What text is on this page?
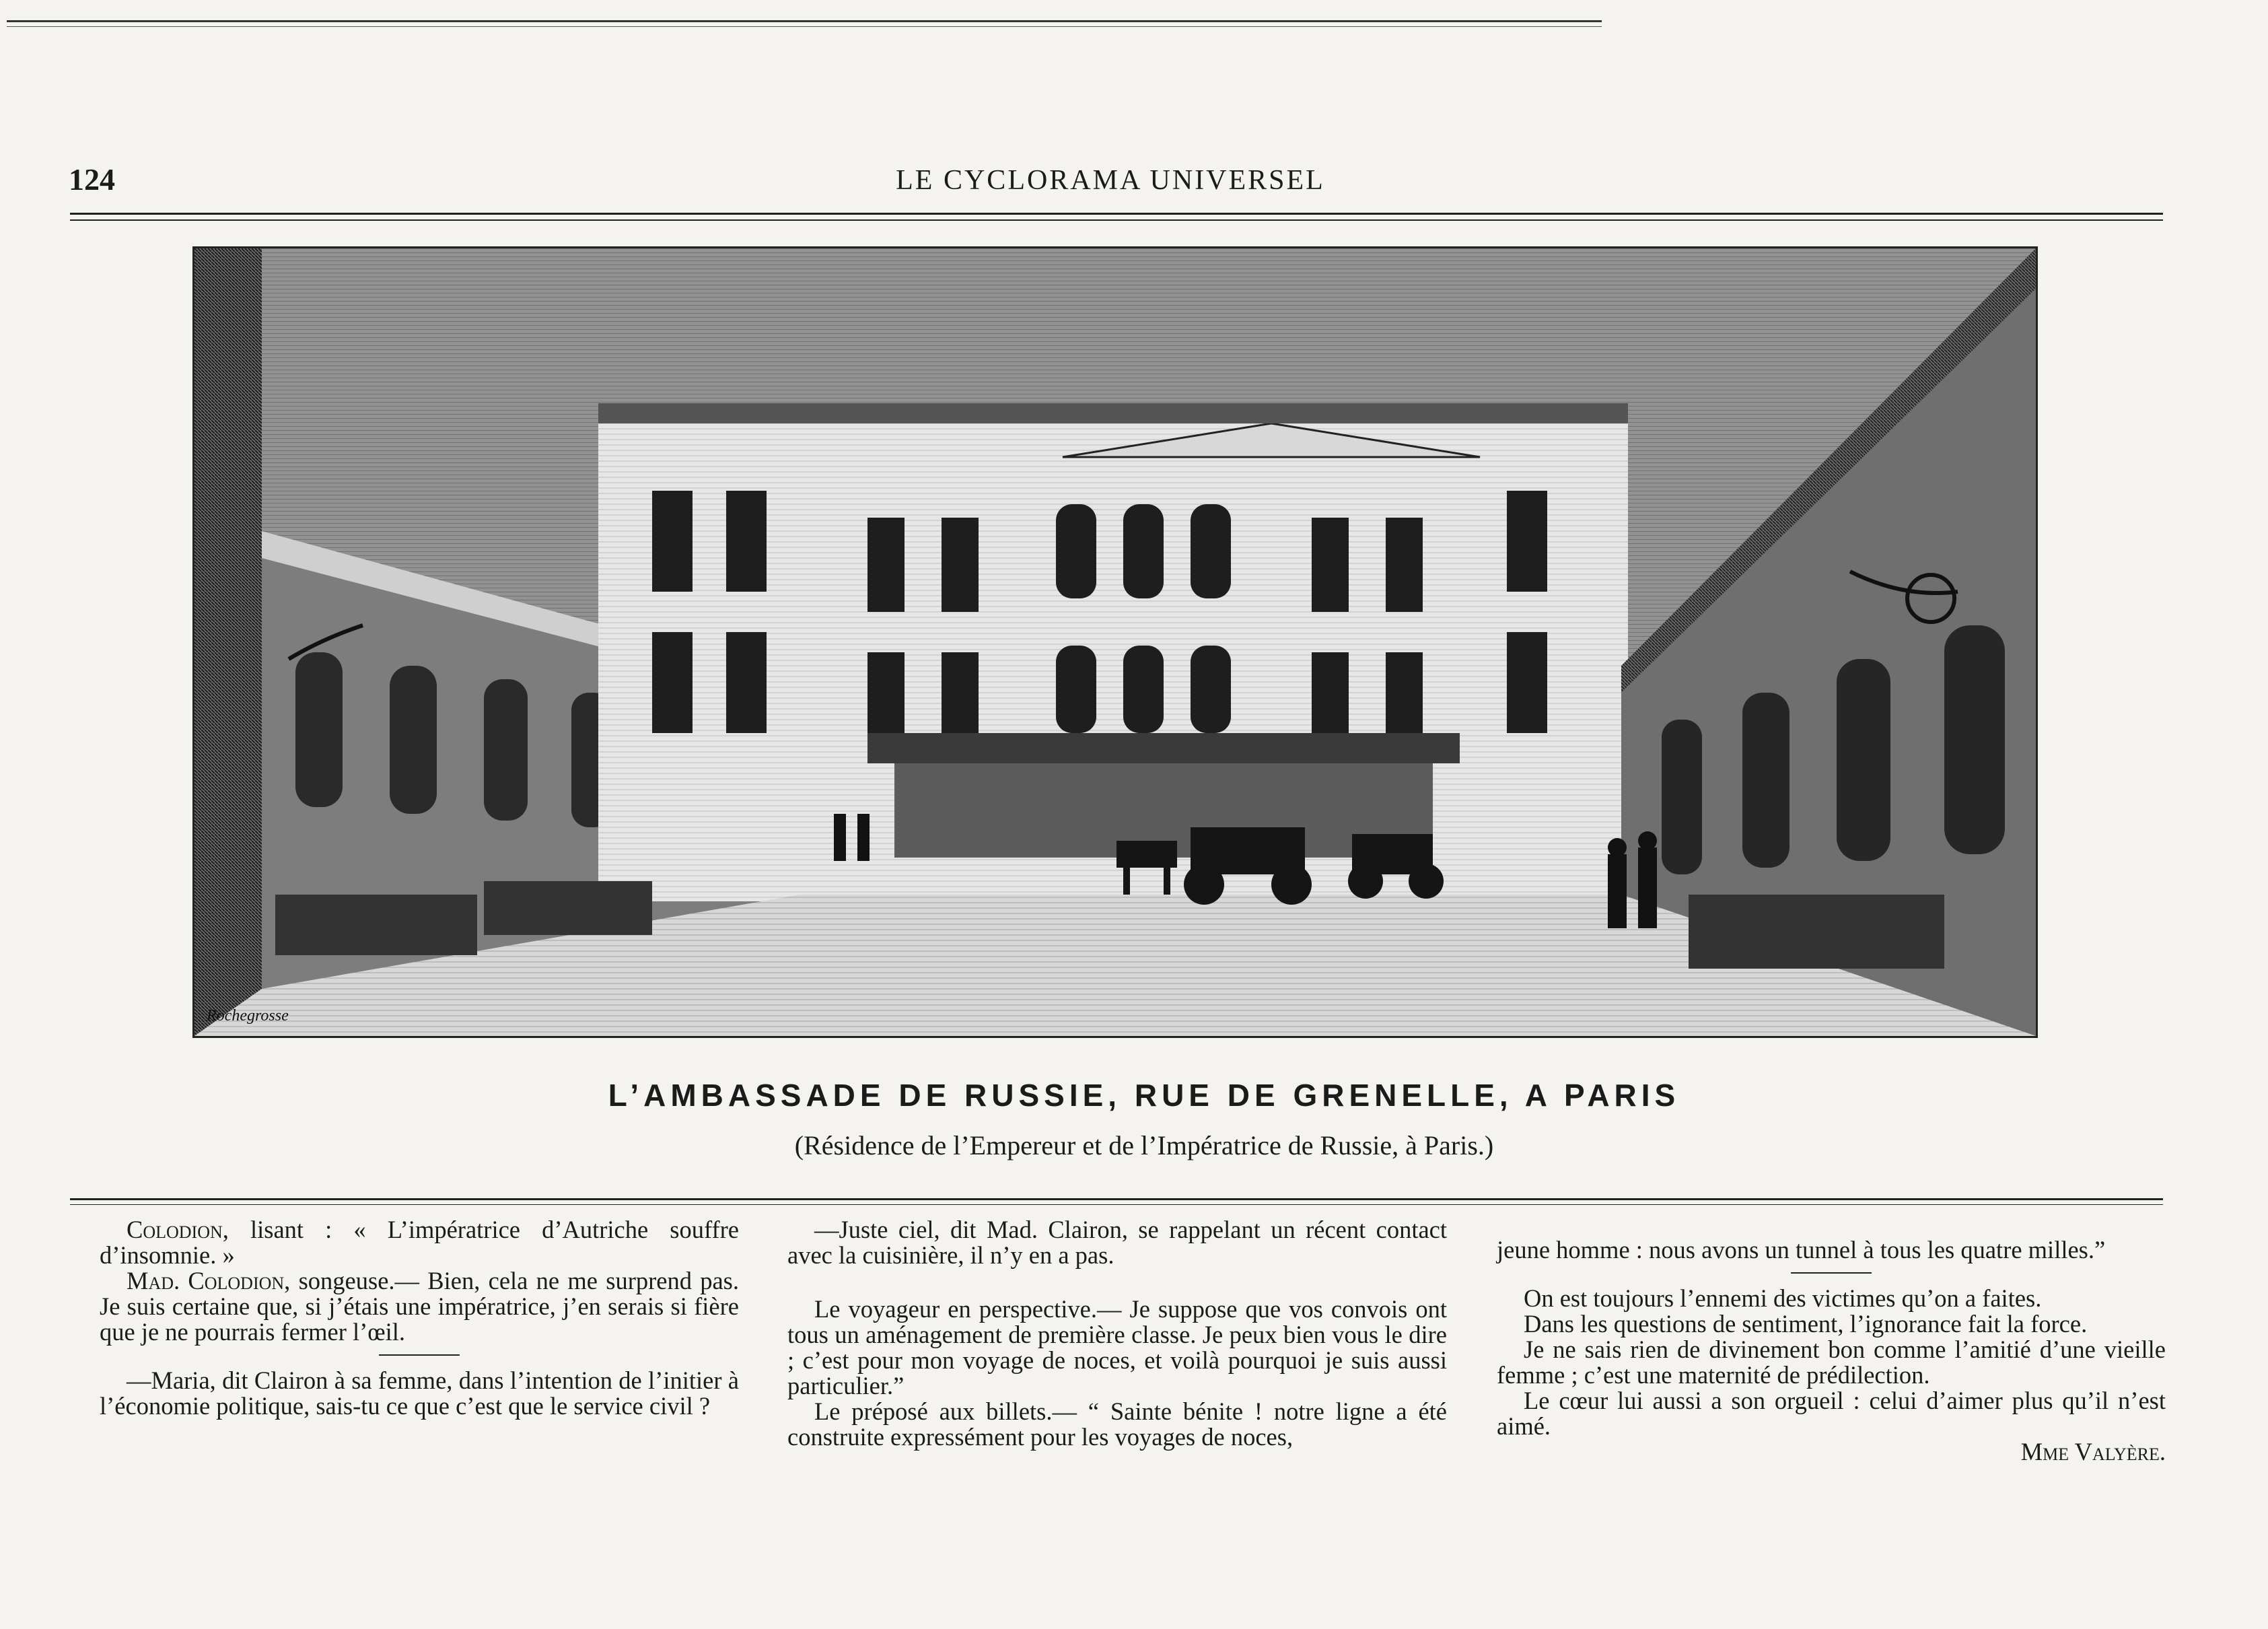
124	LE CYCLORAMA UNIVERSEL
Rochegrosse
L’AMBASSADE DE RUSSIE, RUE DE GRENELLE, A PARIS
(Résidence de l’Empereur et de l’Impératrice de Russie, à Paris.)

Colodion, lisant : « L’impératrice d’Autriche souffre d’insomnie. »

Mad. Colodion, songeuse.— Bien, cela ne me surprend pas. Je suis certaine que, si j’étais une impératrice, j’en serais si fière que je ne pourrais fermer l’œil.

—Maria, dit Clairon à sa femme, dans l’intention de l’initier à l’économie politique, sais-tu ce que c’est que le service civil ?

—Juste ciel, dit Mad. Clairon, se rappelant un récent contact avec la cuisinière, il n’y en a pas.

Le voyageur en perspective.— Je suppose que vos convois ont tous un aménagement de première classe. Je peux bien vous le dire ; c’est pour mon voyage de noces, et voilà pourquoi je suis aussi particulier.”

Le préposé aux billets.— “ Sainte bénite ! notre ligne a été construite expressément pour les voyages de noces,

jeune homme : nous avons un tunnel à tous les quatre milles.”

On est toujours l’ennemi des victimes qu’on a faites.

Dans les questions de sentiment, l’ignorance fait la force.

Je ne sais rien de divinement bon comme l’amitié d’une vieille femme ; c’est une maternité de prédilection.

Le cœur lui aussi a son orgueil : celui d’aimer plus qu’il n’est aimé.

Mme Valyère.
